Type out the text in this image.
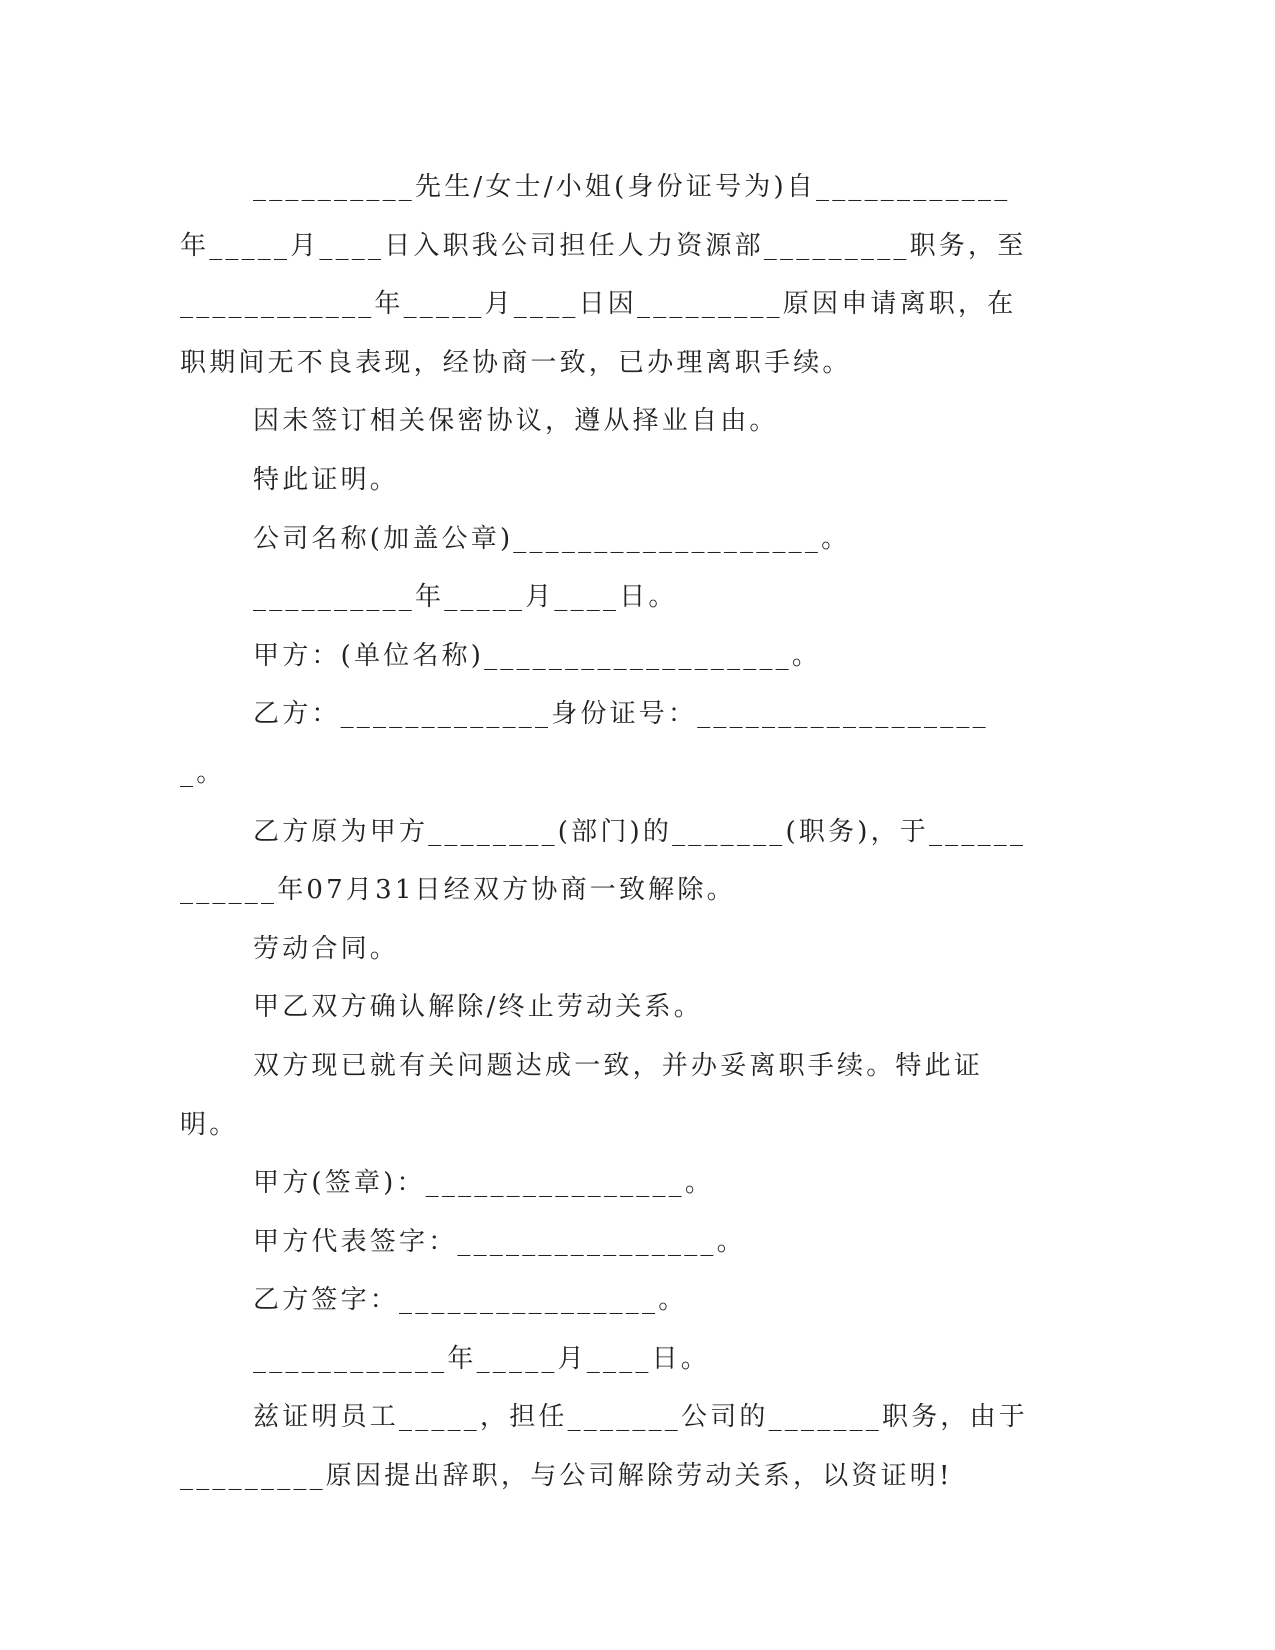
__________先生/女士/小姐(身份证号为)自____________年_____月____日入职我公司担任人力资源部_________职务，至____________年_____月____日因_________原因申请离职，在职期间无不良表现，经协商一致，已办理离职手续。

因未签订相关保密协议，遵从择业自由。

特此证明。

公司名称(加盖公章)___________________。

__________年_____月____日。

甲方：(单位名称)___________________。

乙方：_____________身份证号：___________________。

乙方原为甲方________(部门)的_______(职务)，于____________年07月31日经双方协商一致解除。

劳动合同。

甲乙双方确认解除/终止劳动关系。

双方现已就有关问题达成一致，并办妥离职手续。特此证明。

甲方(签章)：________________。

甲方代表签字：________________。

乙方签字：________________。

____________年_____月____日。

兹证明员工_____，担任_______公司的_______职务，由于_________原因提出辞职，与公司解除劳动关系，以资证明!
